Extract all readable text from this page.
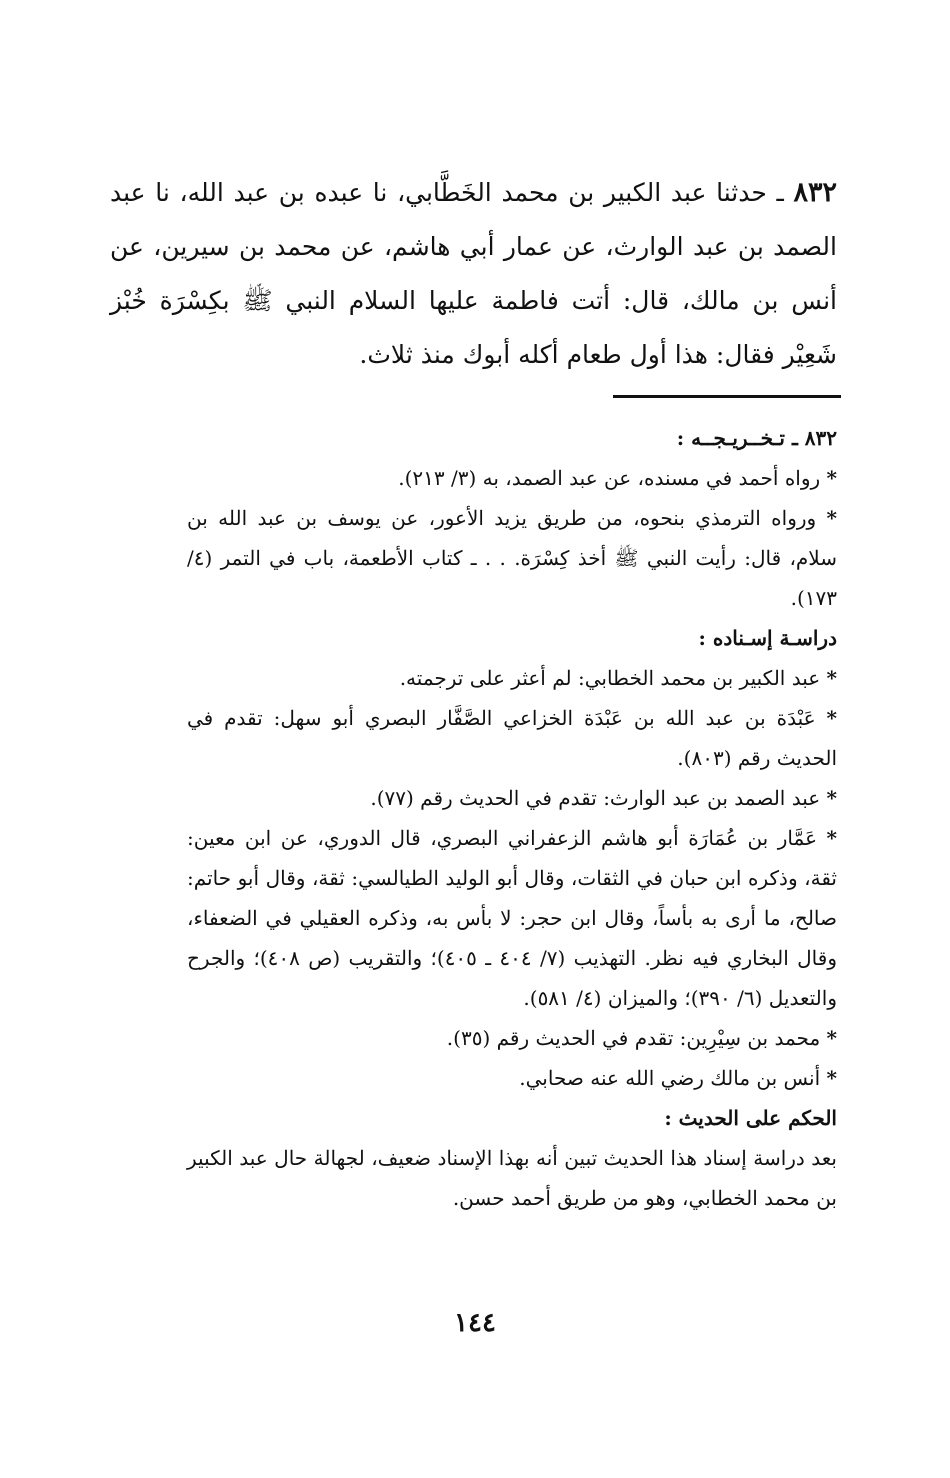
٨٣٢ ـ حدثنا عبد الكبير بن محمد الخَطَّابي، نا عبده بن عبد الله، نا عبد الصمد بن عبد الوارث، عن عمار أبي هاشم، عن محمد بن سيرين، عن أنس بن مالك، قال: أتت فاطمة عليها السلام النبي ﷺ بكِسْرَة خُبْز شَعِيْر فقال: هذا أول طعام أكله أبوك منذ ثلاث.

٨٣٢ ـ تـخــريـجــه :

* رواه أحمد في مسنده، عن عبد الصمد، به (٣/ ٢١٣).

* ورواه الترمذي بنحوه، من طريق يزيد الأعور، عن يوسف بن عبد الله بن سلام، قال: رأيت النبي ﷺ أخذ كِسْرَة. . . ـ كتاب الأطعمة، باب في التمر (٤/ ١٧٣).

دراسـة إسـناده :

* عبد الكبير بن محمد الخطابي: لم أعثر على ترجمته.

* عَبْدَة بن عبد الله بن عَبْدَة الخزاعي الصَّفَّار البصري أبو سهل: تقدم في الحديث رقم (٨٠٣).

* عبد الصمد بن عبد الوارث: تقدم في الحديث رقم (٧٧).

* عَمَّار بن عُمَارَة أبو هاشم الزعفراني البصري، قال الدوري، عن ابن معين: ثقة، وذكره ابن حبان في الثقات، وقال أبو الوليد الطيالسي: ثقة، وقال أبو حاتم: صالح، ما أرى به بأساً، وقال ابن حجر: لا بأس به، وذكره العقيلي في الضعفاء، وقال البخاري فيه نظر. التهذيب (٧/ ٤٠٤ ـ ٤٠٥)؛ والتقريب (ص ٤٠٨)؛ والجرح والتعديل (٦/ ٣٩٠)؛ والميزان (٤/ ٥٨١).

* محمد بن سِيْرِين: تقدم في الحديث رقم (٣٥).

* أنس بن مالك رضي الله عنه صحابي.

الحكم على الحديث :

بعد دراسة إسناد هذا الحديث تبين أنه بهذا الإسناد ضعيف، لجهالة حال عبد الكبير بن محمد الخطابي، وهو من طريق أحمد حسن.

١٤٤
